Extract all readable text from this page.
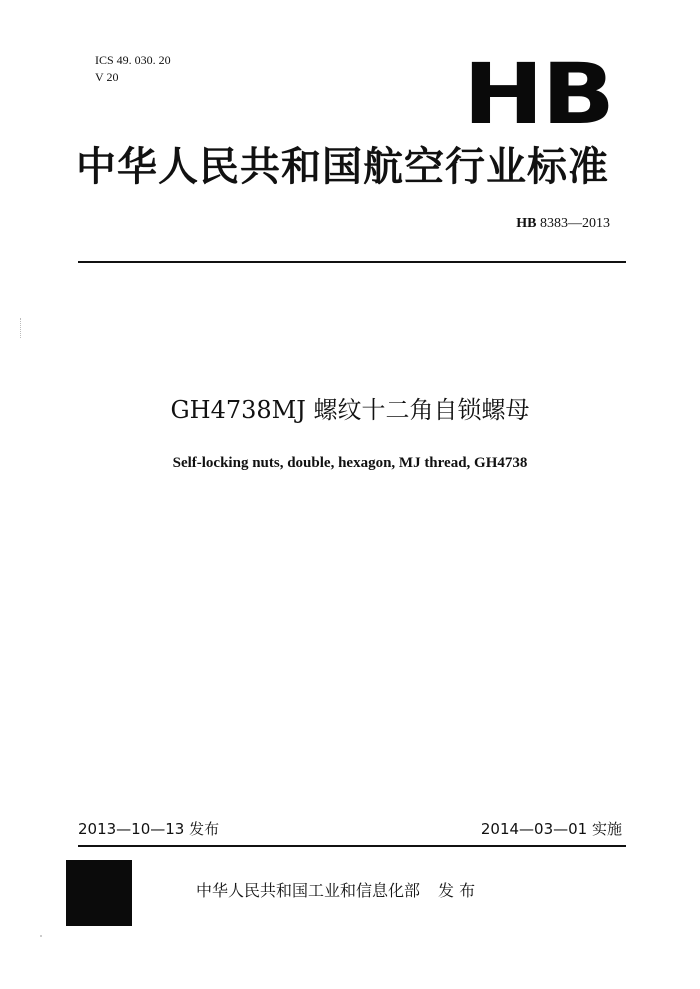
ICS 49. 030. 20
V 20	HB
中华人民共和国航空行业标准
HB 8383—2013
GH4738MJ 螺纹十二角自锁螺母
Self-locking nuts, double, hexagon, MJ thread, GH4738
2013—10—13 发布	2014—03—01 实施
中华人民共和国工业和信息化部 发 布
